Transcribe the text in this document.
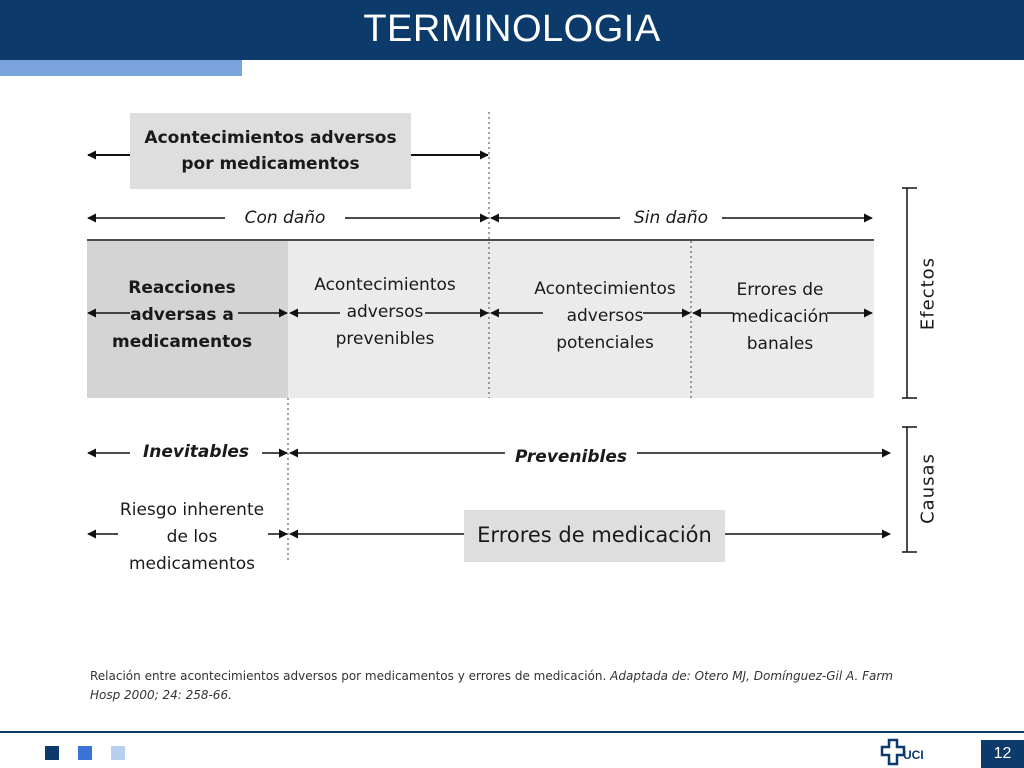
TERMINOLOGIA
Acontecimientos adversos
por medicamentos
Con daño	Sin daño
Reacciones
adversas a
medicamentos
Acontecimientos
adversos
prevenibles
Acontecimientos
adversos
potenciales
Errores de
medicación
banales
Efectos
Inevitables	Prevenibles	Causas
Riesgo inherente
de los
medicamentos
Errores de medicación
Relación entre acontecimientos adversos por medicamentos y errores de medicación. Adaptada de: Otero MJ, Domínguez-Gil A. Farm Hosp 2000; 24: 258-66.
UCI	12
